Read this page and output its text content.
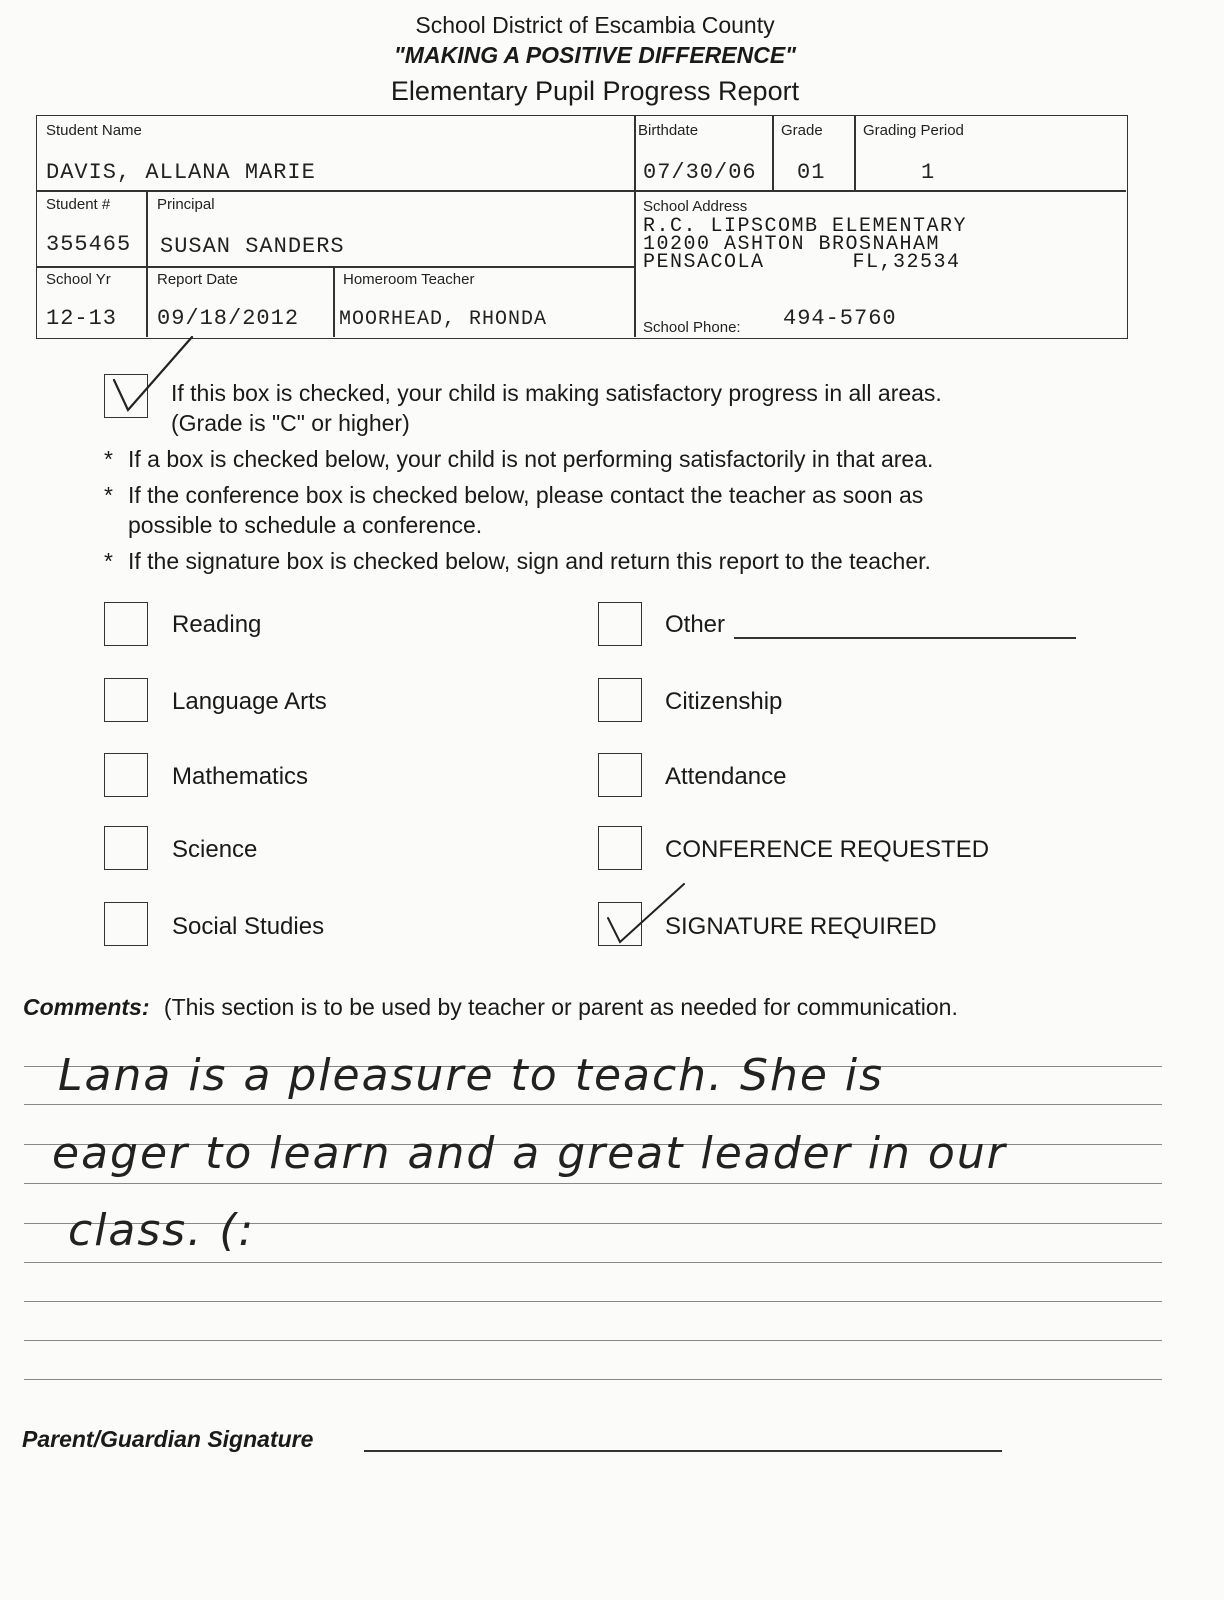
School District of Escambia County
"MAKING A POSITIVE DIFFERENCE"
Elementary Pupil Progress Report
Student Name
DAVIS, ALLANA MARIE
Birthdate
07/30/06
Grade
01
Grading Period
1
Student #
355465
Principal
SUSAN SANDERS
School Address
R.C. LIPSCOMB ELEMENTARY
10200 ASHTON BROSNAHAM
PENSACOLA	FL,32534
School Yr
12-13
Report Date
09/18/2012
Homeroom Teacher
MOORHEAD, RHONDA	School Phone: 494-5760
If this box is checked, your child is making satisfactory progress in all areas.
(Grade is "C" or higher)
* If a box is checked below, your child is not performing satisfactorily in that area.
* If the conference box is checked below, please contact the teacher as soon as
possible to schedule a conference.
* If the signature box is checked below, sign and return this report to the teacher.
Reading
Language Arts
Mathematics
Science
Social Studies
Other
Citizenship
Attendance
CONFERENCE REQUESTED
SIGNATURE REQUIRED
Comments: (This section is to be used by teacher or parent as needed for communication.
Lana is a pleasure to teach. She is
eager to learn and a great leader in our
class. (:
Parent/Guardian Signature
